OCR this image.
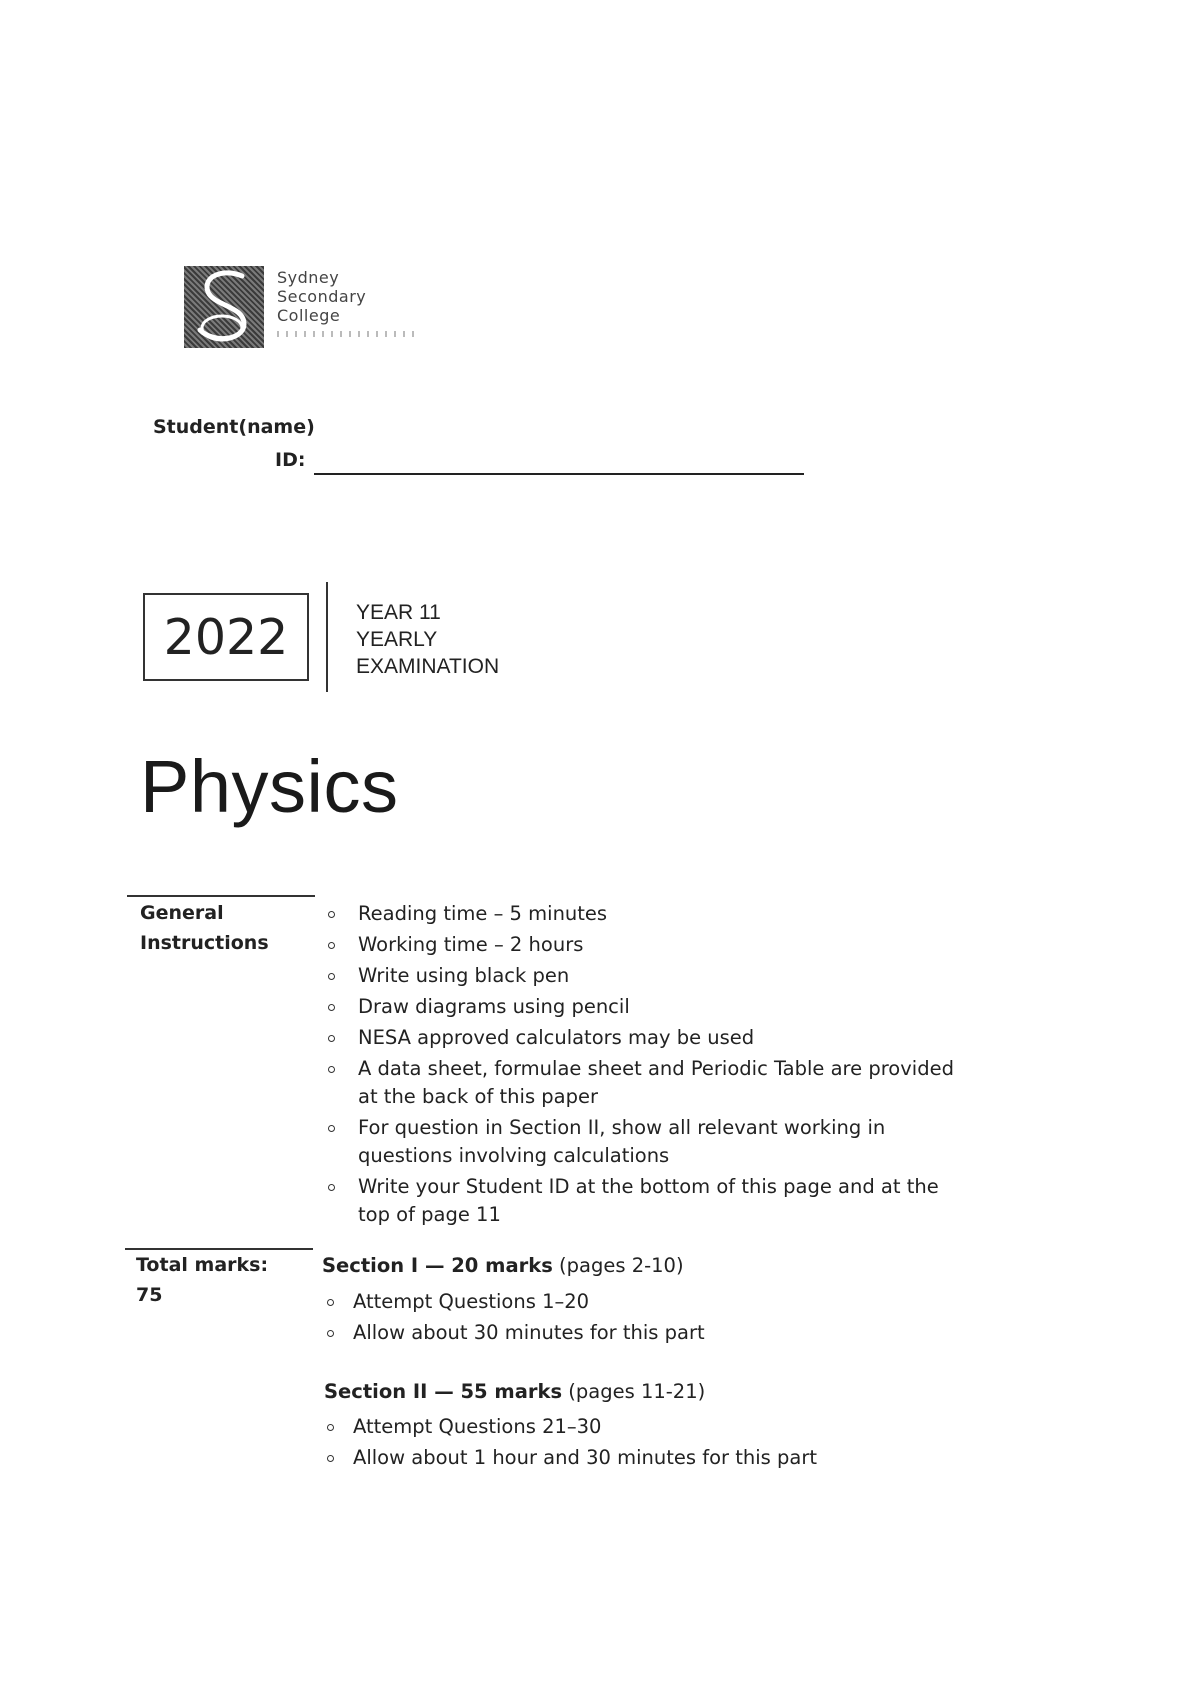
Sydney
Secondary
College
Student(name)
ID:
2022	YEAR 11
YEARLY
EXAMINATION
Physics
General
Instructions
Reading time – 5 minutes
Working time – 2 hours
Write using black pen
Draw diagrams using pencil
NESA approved calculators may be used
A data sheet, formulae sheet and Periodic Table are provided at the back of this paper
For question in Section II, show all relevant working in questions involving calculations
Write your Student ID at the bottom of this page and at the top of page 11
Total marks:
75
Section I — 20 marks (pages 2-10)
Attempt Questions 1–20
Allow about 30 minutes for this part
Section II — 55 marks (pages 11-21)
Attempt Questions 21–30
Allow about 1 hour and 30 minutes for this part
